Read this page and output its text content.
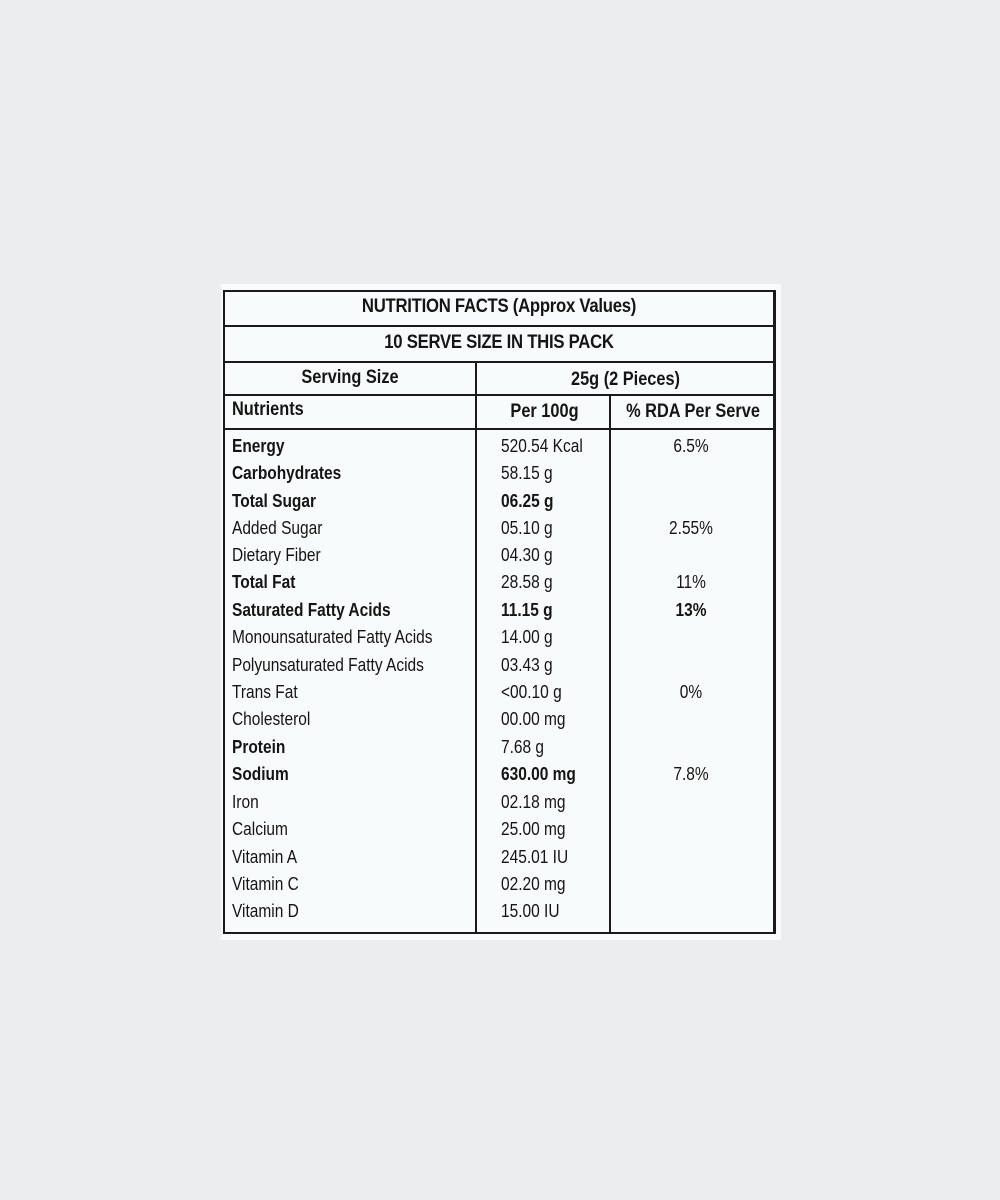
NUTRITION FACTS (Approx Values)
10 SERVE SIZE IN THIS PACK
Serving Size	25g (2 Pieces)
Nutrients	Per 100g	% RDA Per Serve
Energy	520.54 Kcal	6.5%
Carbohydrates	58.15 g
Total Sugar	06.25 g
Added Sugar	05.10 g	2.55%
Dietary Fiber	04.30 g
Total Fat	28.58 g	11%
Saturated Fatty Acids	11.15 g	13%
Monounsaturated Fatty Acids	14.00 g
Polyunsaturated Fatty Acids	03.43 g
Trans Fat	<00.10 g	0%
Cholesterol	00.00 mg
Protein	7.68 g
Sodium	630.00 mg	7.8%
Iron	02.18 mg
Calcium	25.00 mg
Vitamin A	245.01 IU
Vitamin C	02.20 mg
Vitamin D	15.00 IU
